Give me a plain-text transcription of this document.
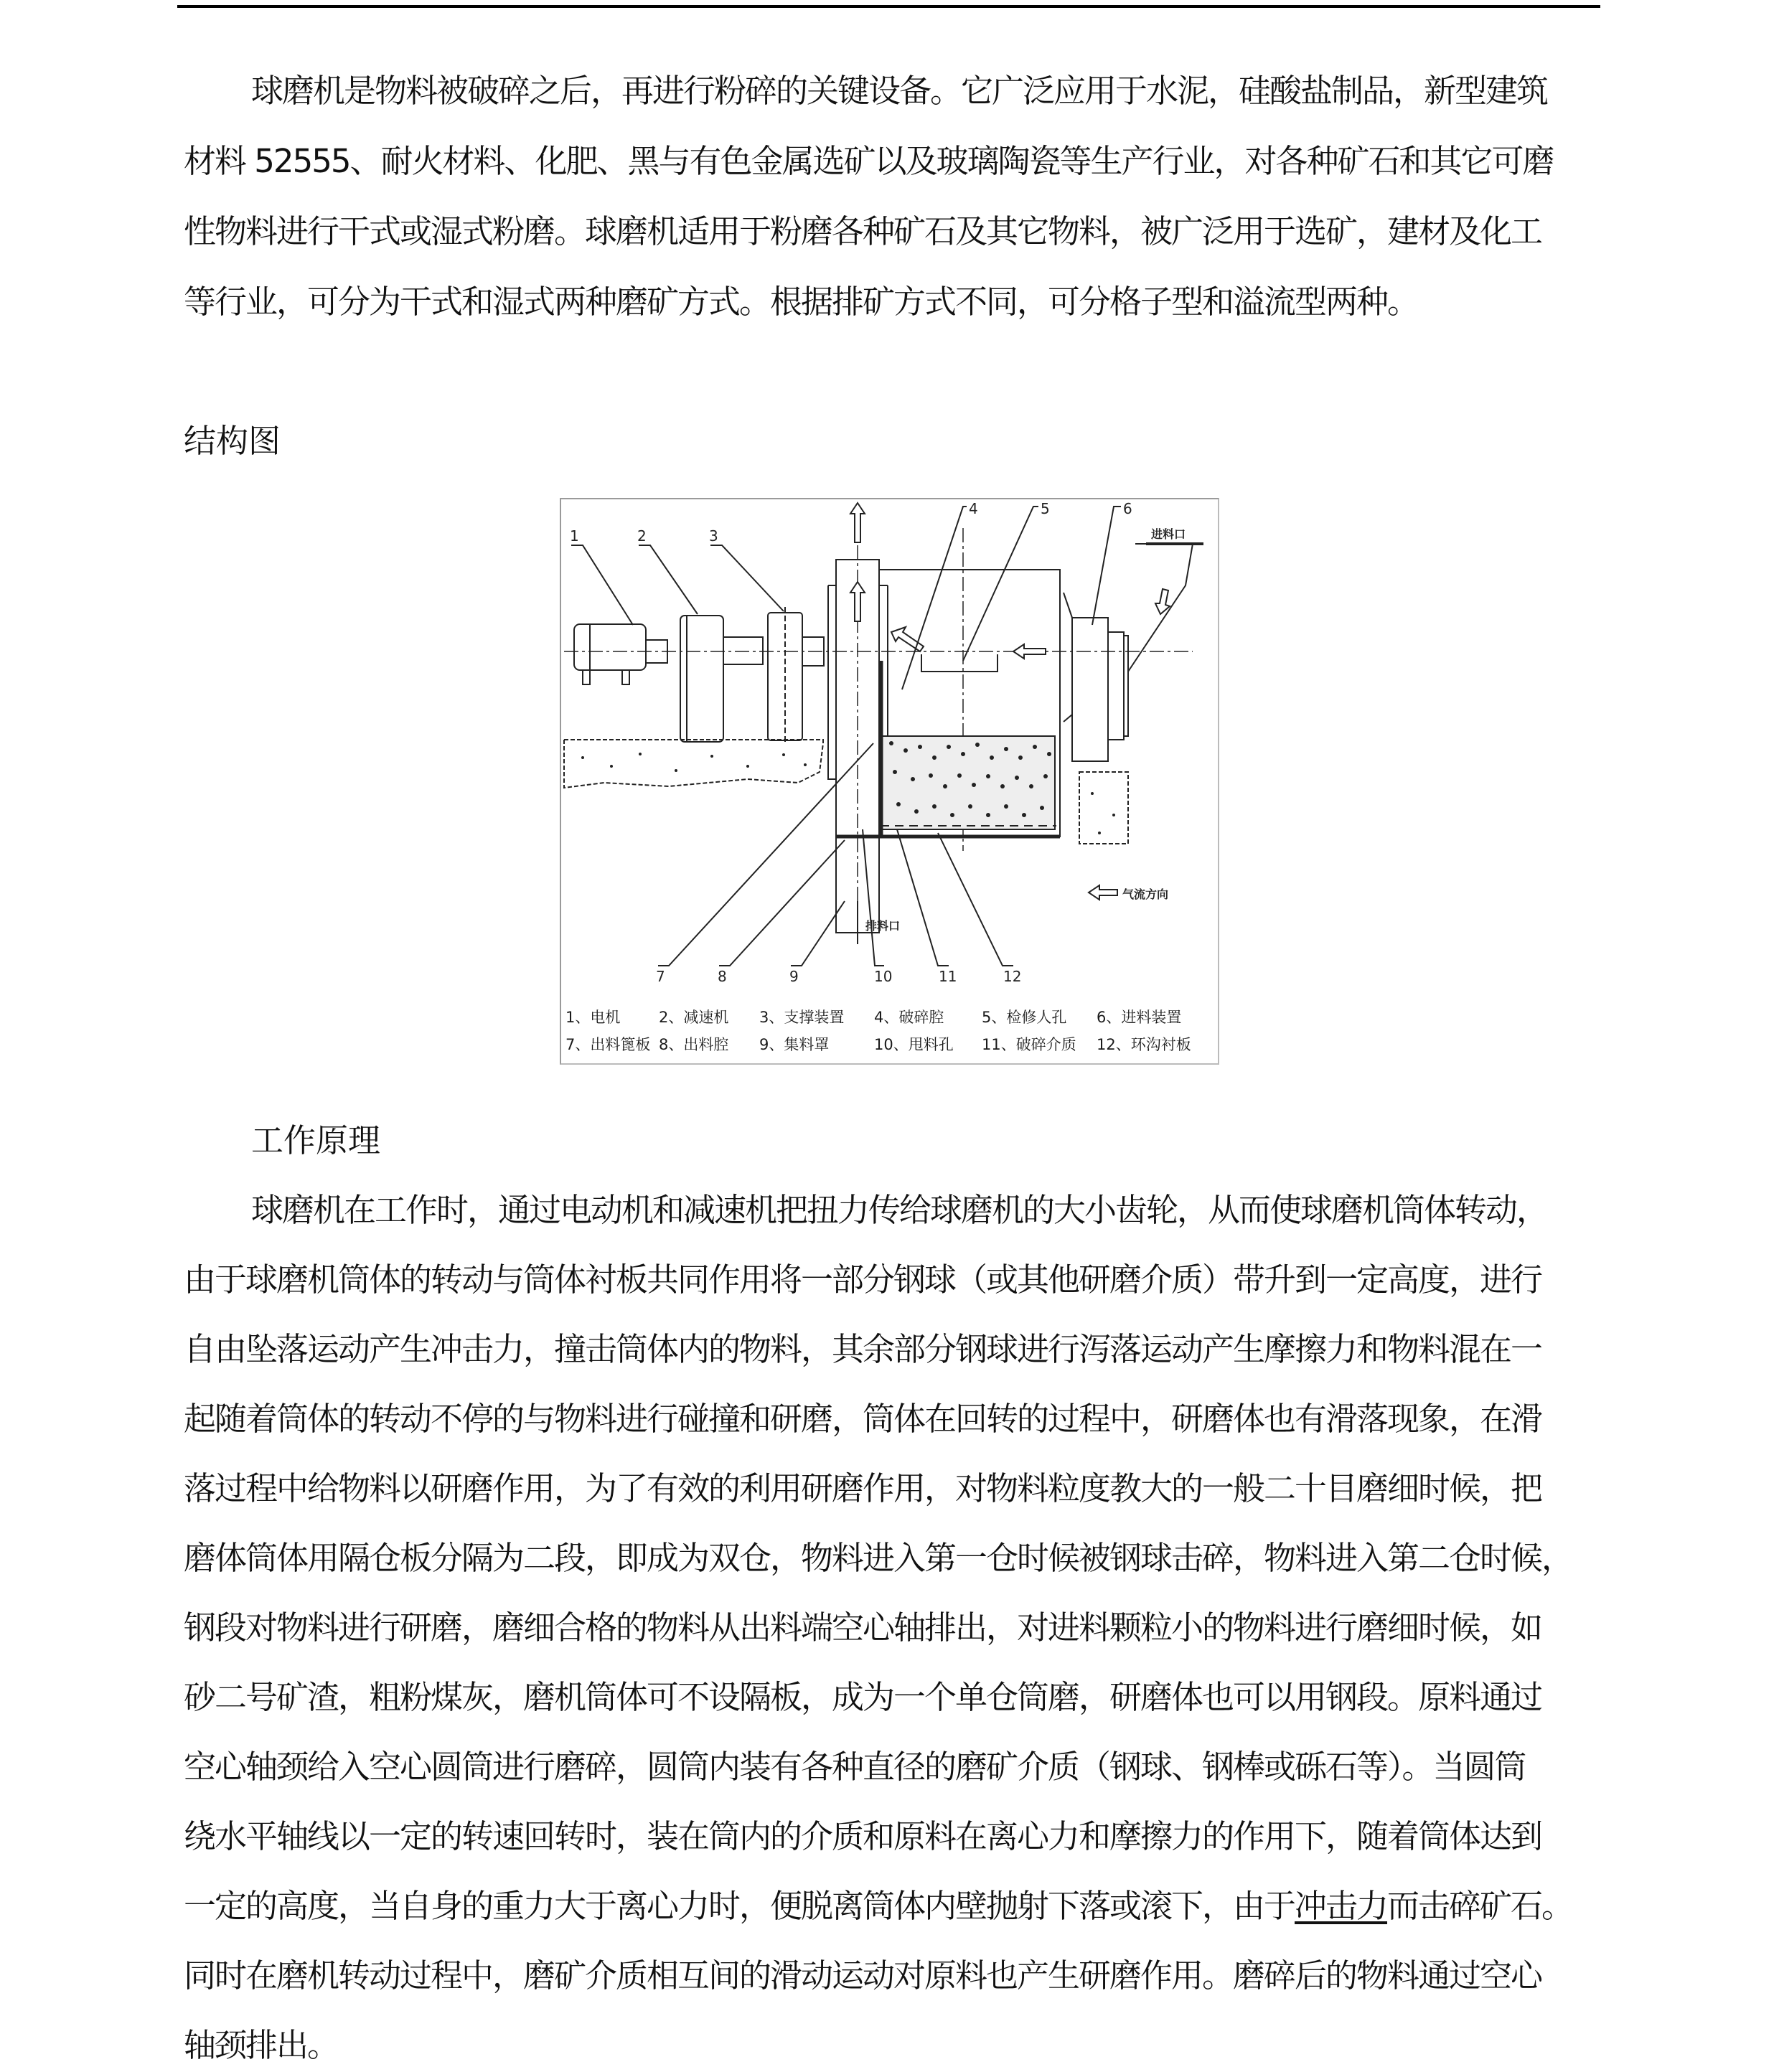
球磨机是物料被破碎之后，再进行粉碎的关键设备。它广泛应用于水泥，硅酸盐制品，新型建筑
材料 52555、耐火材料、化肥、黑与有色金属选矿以及玻璃陶瓷等生产行业，对各种矿石和其它可磨
性物料进行干式或湿式粉磨。球磨机适用于粉磨各种矿石及其它物料，被广泛用于选矿，建材及化工
等行业，可分为干式和湿式两种磨矿方式。根据排矿方式不同，可分格子型和溢流型两种。
结构图
1	2	3
4	5	6
7	8	9	10	11	12
进料口
排料口
气流方向
1、电机	2、减速机	3、支撑装置	4、破碎腔	5、检修人孔	6、进料装置
7、出料篦板 8、出料腔	9、集料罩	10、甩料孔	11、破碎介质	12、环沟衬板
工作原理
球磨机在工作时，通过电动机和减速机把扭力传给球磨机的大小齿轮，从而使球磨机筒体转动，
由于球磨机筒体的转动与筒体衬板共同作用将一部分钢球（或其他研磨介质）带升到一定高度，进行
自由坠落运动产生冲击力，撞击筒体内的物料，其余部分钢球进行泻落运动产生摩擦力和物料混在一
起随着筒体的转动不停的与物料进行碰撞和研磨，筒体在回转的过程中，研磨体也有滑落现象，在滑
落过程中给物料以研磨作用，为了有效的利用研磨作用，对物料粒度教大的一般二十目磨细时候，把
磨体筒体用隔仓板分隔为二段，即成为双仓，物料进入第一仓时候被钢球击碎，物料进入第二仓时候，
钢段对物料进行研磨，磨细合格的物料从出料端空心轴排出，对进料颗粒小的物料进行磨细时候，如
砂二号矿渣，粗粉煤灰，磨机筒体可不设隔板，成为一个单仓筒磨，研磨体也可以用钢段。原料通过
空心轴颈给入空心圆筒进行磨碎，圆筒内装有各种直径的磨矿介质（钢球、钢棒或砾石等）。当圆筒
绕水平轴线以一定的转速回转时，装在筒内的介质和原料在离心力和摩擦力的作用下，随着筒体达到
一定的高度，当自身的重力大于离心力时，便脱离筒体内壁抛射下落或滚下，由于冲击力而击碎矿石。
同时在磨机转动过程中，磨矿介质相互间的滑动运动对原料也产生研磨作用。磨碎后的物料通过空心
轴颈排出。
